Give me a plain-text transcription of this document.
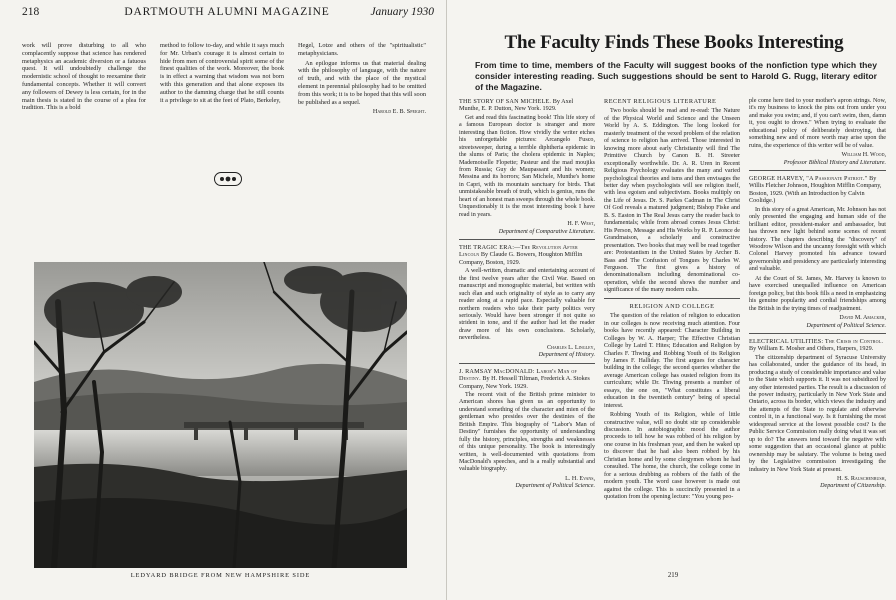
218	DARTMOUTH ALUMNI MAGAZINE	January 1930

work will prove disturbing to all who complacently suppose that science has rendered metaphysics an academic diversion or a fatuous quest. It will undoubtedly challenge the modernistic school of thought to reexamine their fundamental concepts. Whether it will convert any followers of Dewey is less certain, for in the main thesis is stated in the course of a plea for tradition. This is a bold

method to follow to-day, and while it says much for Mr. Urban's courage it is almost certain to hide from men of controversial spirit some of the finest qualities of the work. Moreover, the book is in effect a warning that wisdom was not born with this generation and that alone exposes its author to the damning charge that he still counts it a privilege to sit at the feet of Plato, Berkeley,

Hegel, Lotze and others of the "spiritualistic" metaphysicians.

An epilogue informs us that material dealing with the philosophy of language, with the nature of truth, and with the place of the mystical element in perennial philosophy had to be omitted from this work; it is to be hoped that this will soon be published as a sequel.

Harold E. B. Speight.
LEDYARD BRIDGE FROM NEW HAMPSHIRE SIDE
The Faculty Finds These Books Interesting
From time to time, members of the Faculty will suggest books of the nonfiction type which they consider interesting reading. Such suggestions should be sent to Harold G. Rugg, literary editor of the Magazine.
THE STORY OF SAN MICHELE. By Axel Munthe, E. P. Dutton, New York. 1929.

Get and read this fascinating book! This life story of a famous European doctor is stranger and more interesting than fiction. How vividly the writer etches his unforgettable pictures: Arcangelo Fusco, streetsweeper, during a terrible diphtheria epidemic in the slums of Paris; the cholera epidemic in Naples; Mademoiselle Flopette; Pasteur and the mad moujiks from Russia; Guy de Maupassant and his women; Messina and its horrors; San Michele, Munthe's home in Capri, with its mountain sanctuary for birds. That unmistakeable breath of truth, which is genius, runs the heart of an honest man sweeps through the whole book. Unquestionably it is the most interesting book I have read in years.

H. F. West,
Department of Comparative Literature.
THE TRAGIC ERA:—The Revolution After Lincoln By Claude G. Bowers, Houghton Mifflin Company, Boston, 1929.

A well-written, dramatic and entertaining account of the first twelve years after the Civil War. Based on manuscript and monographic material, but written with such élan and such originality of style as to carry any reader along at a rapid pace. Especially valuable for northern readers who take their party politics very seriously. Would have been stronger if not quite so strident in tone, and if the author had let the reader draw more of his own conclusions. Scholarly, nevertheless.

Charles L. Lingley,
Department of History.
J. RAMSAY MacDONALD: Labor's Man of Destiny. By H. Hessell Tiltman, Frederick A. Stokes Company, New York. 1929.

The recent visit of the British prime minister to American shores has given us an opportunity to understand something of the character and mien of the gentleman who presides over the destinies of the British Empire. This biography of "Labor's Man of Destiny" furnishes the opportunity of understanding fully the history, principles, strengths and weaknesses of this unique personality. The book is interestingly written, is well-documented with quotations from MacDonald's speeches, and is a really substantial and valuable biography.

L. H. Evans,
Department of Political Science.
RECENT RELIGIOUS LITERATURE

Two books should be read and re-read: The Nature of the Physical World and Science and the Unseen World by A. S. Eddington. The long looked for masterly treatment of the vexed problem of the relation of science to religion has arrived. Those interested in knowing more about early Christianity will find The Primitive Church by Canon B. H. Streeter exceptionally worthwhile. Dr. A. R. Uren in Recent Religious Psychology evaluates the many and varied psychological theories and isms and then envisages the better day when psychologists will see religion itself, with less egoism and subjectivism. Books multiply on the Life of Jesus. Dr. S. Parkes Cadman in The Christ Of God reveals a matured judgment; Bishop Fiske and B. S. Easton in The Real Jesus carry the reader back to fundamentals; while from abroad comes Jesus Christ: His Person, Message and His Works by R. P. Leonce de Grandmaison, a scholarly and constructive presentation. Two books that may well be read together are: Protestantism in the United States by Archer B. Bass and The Confusion of Tongues by Charles W. Ferguson. The first gives a history of denominationalism including denominational co-operation, while the second shows the number and significance of the many modern cults.

RELIGION AND COLLEGE

The question of the relation of religion to education in our colleges is now receiving much attention. Four books have recently appeared: Character Building in Colleges by W. A. Harper; The Effective Christian College by Laird T. Hites; Education and Religion by Charles F. Thwing and Robbing Youth of its Religion by James F. Halliday. The first argues for character building in the college; the second queries whether the average American college has ousted religion from its curriculum; while Dr. Thwing presents a number of essays, the one on, "What constitutes a liberal education in the twentieth century" being of special interest.

Robbing Youth of its Religion, while of little constructive value, will no doubt stir up considerable discussion. In autobiographic mood the author proceeds to tell how he was robbed of his religion by one course in his freshman year, and then he waked up to discover that he had also been robbed by his Christian home and by some clergymen whom he had consulted. The home, the church, the college come in for a serious drubbing as robbers of the faith of the modern youth. The word case however is made out against the college. This is succinctly presented in a quotation from the opening lecture: "You young peo-

ple come here tied to your mother's apron strings. Now, it's my business to knock the pins out from under you and make you swim; and, if you can't swim, then, damn it, you ought to drown." When trying to evaluate the educational policy of deliberately destroying, that something new and of more worth may arise upon the ruins, the experience of this writer will be of value.

William H. Wood,
Professor Biblical History and Literature.
GEORGE HARVEY, "A Passionate Patriot." By Willis Fletcher Johnson, Houghton Mifflin Company, Boston, 1929. (With an Introduction by Calvin Coolidge.)

In this story of a great American, Mr. Johnson has not only presented the engaging and human side of the brilliant editor, president-maker and ambassador, but has thrown new light behind some scenes of recent history. The chapters describing the "discovery" of Woodrow Wilson and the uncanny foresight with which Colonel Harvey promoted his advance toward governorship and presidency are particularly interesting and valuable.

At the Court of St. James, Mr. Harvey is known to have exercised unequalled influence on American foreign policy, but this book fills a need in emphasizing his genuine popularity and cordial friendships among the British in the trying times of readjustment.

David M. Amacker,
Department of Political Science.
ELECTRICAL UTILITIES: The Crisis in Control. By William E. Mosher and Others, Harpers, 1929.

The citizenship department of Syracuse University has collaborated, under the guidance of its head, in producing a study of considerable importance and value to the State which supports it. It was not subsidized by any other interested parties. The result is a discussion of the power industry, particularly in New York State and Ontario, across its border, which views the industry and the attempts of the State to regulate and otherwise control it, in a functional way. Is it furnishing the most widespread service at the lowest possible cost? Is the Public Service Commission really doing what it was set up to do? The answers tend toward the negative with some suggestion that an occasional glance at public ownership may be salutary. The volume is being used by the Legislative commission investigating the industry in New York State at present.

H. S. Rauschenbush,
Department of Citizenship.
219
